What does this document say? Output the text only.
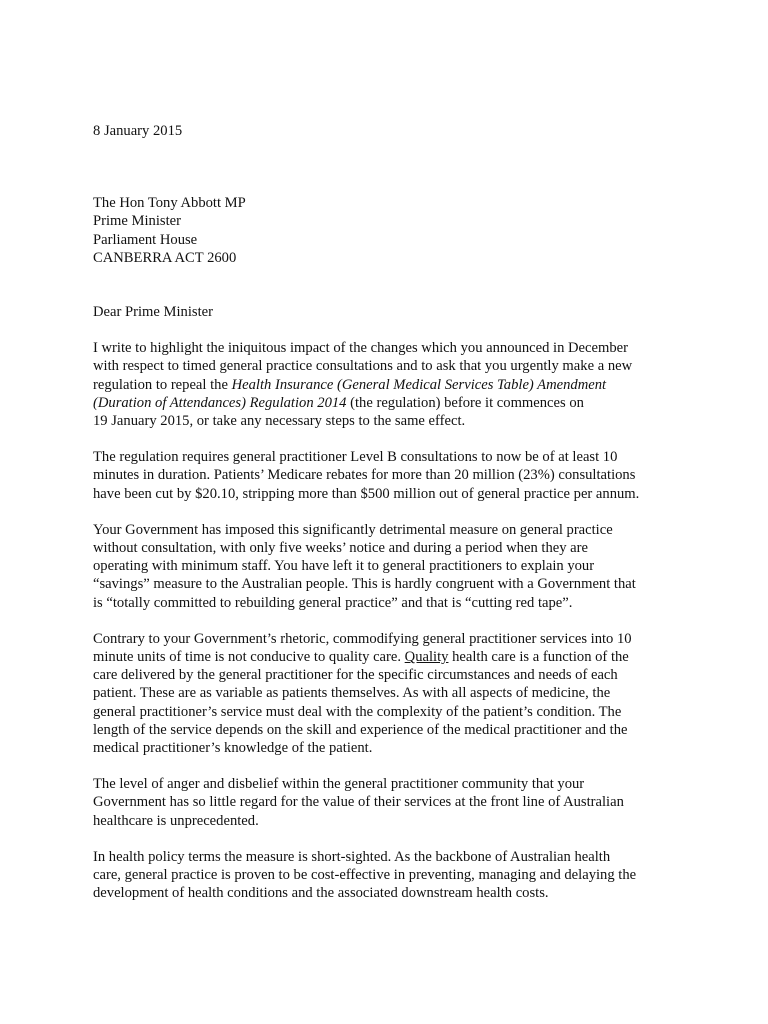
8 January 2015

The Hon Tony Abbott MP
Prime Minister
Parliament House
CANBERRA ACT 2600

Dear Prime Minister

I write to highlight the iniquitous impact of the changes which you announced in December
with respect to timed general practice consultations and to ask that you urgently make a new
regulation to repeal the Health Insurance (General Medical Services Table) Amendment
(Duration of Attendances) Regulation 2014 (the regulation) before it commences on
19 January 2015, or take any necessary steps to the same effect.

The regulation requires general practitioner Level B consultations to now be of at least 10
minutes in duration. Patients’ Medicare rebates for more than 20 million (23%) consultations
have been cut by $20.10, stripping more than $500 million out of general practice per annum.

Your Government has imposed this significantly detrimental measure on general practice
without consultation, with only five weeks’ notice and during a period when they are
operating with minimum staff. You have left it to general practitioners to explain your
“savings” measure to the Australian people. This is hardly congruent with a Government that
is “totally committed to rebuilding general practice” and that is “cutting red tape”.

Contrary to your Government’s rhetoric, commodifying general practitioner services into 10
minute units of time is not conducive to quality care. Quality health care is a function of the
care delivered by the general practitioner for the specific circumstances and needs of each
patient. These are as variable as patients themselves. As with all aspects of medicine, the
general practitioner’s service must deal with the complexity of the patient’s condition. The
length of the service depends on the skill and experience of the medical practitioner and the
medical practitioner’s knowledge of the patient.

The level of anger and disbelief within the general practitioner community that your
Government has so little regard for the value of their services at the front line of Australian
healthcare is unprecedented.

In health policy terms the measure is short-sighted. As the backbone of Australian health
care, general practice is proven to be cost-effective in preventing, managing and delaying the
development of health conditions and the associated downstream health costs.
